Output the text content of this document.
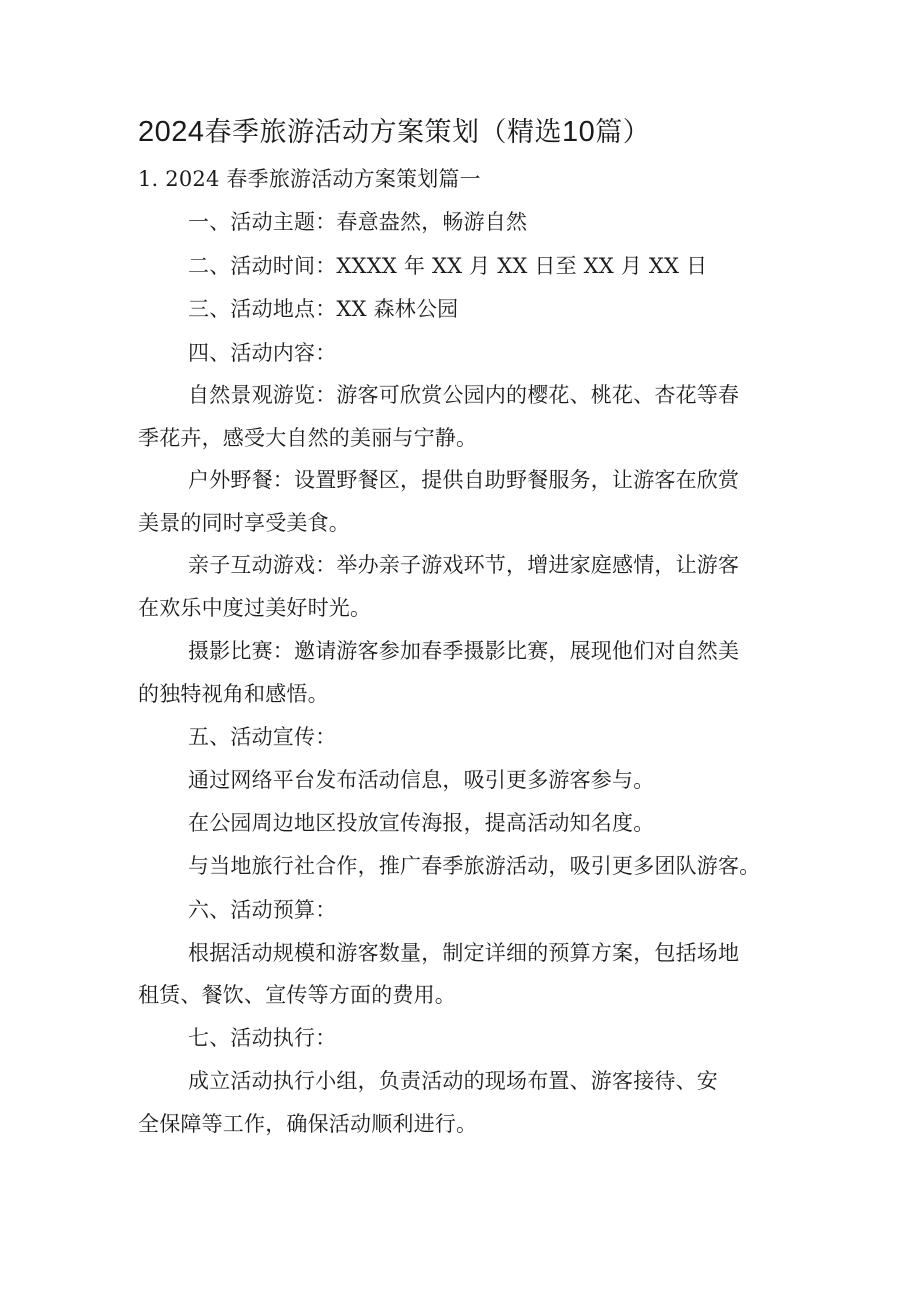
2024春季旅游活动方案策划（精选10篇）
1. 2024 春季旅游活动方案策划篇一
一、活动主题：春意盎然，畅游自然
二、活动时间：XXXX 年 XX 月 XX 日至 XX 月 XX 日
三、活动地点：XX 森林公园
四、活动内容：
自然景观游览：游客可欣赏公园内的樱花、桃花、杏花等春
季花卉，感受大自然的美丽与宁静。
户外野餐：设置野餐区，提供自助野餐服务，让游客在欣赏
美景的同时享受美食。
亲子互动游戏：举办亲子游戏环节，增进家庭感情，让游客
在欢乐中度过美好时光。
摄影比赛：邀请游客参加春季摄影比赛，展现他们对自然美
的独特视角和感悟。
五、活动宣传：
通过网络平台发布活动信息，吸引更多游客参与。
在公园周边地区投放宣传海报，提高活动知名度。
与当地旅行社合作，推广春季旅游活动，吸引更多团队游客。
六、活动预算：
根据活动规模和游客数量，制定详细的预算方案，包括场地
租赁、餐饮、宣传等方面的费用。
七、活动执行：
成立活动执行小组，负责活动的现场布置、游客接待、安
全保障等工作，确保活动顺利进行。
